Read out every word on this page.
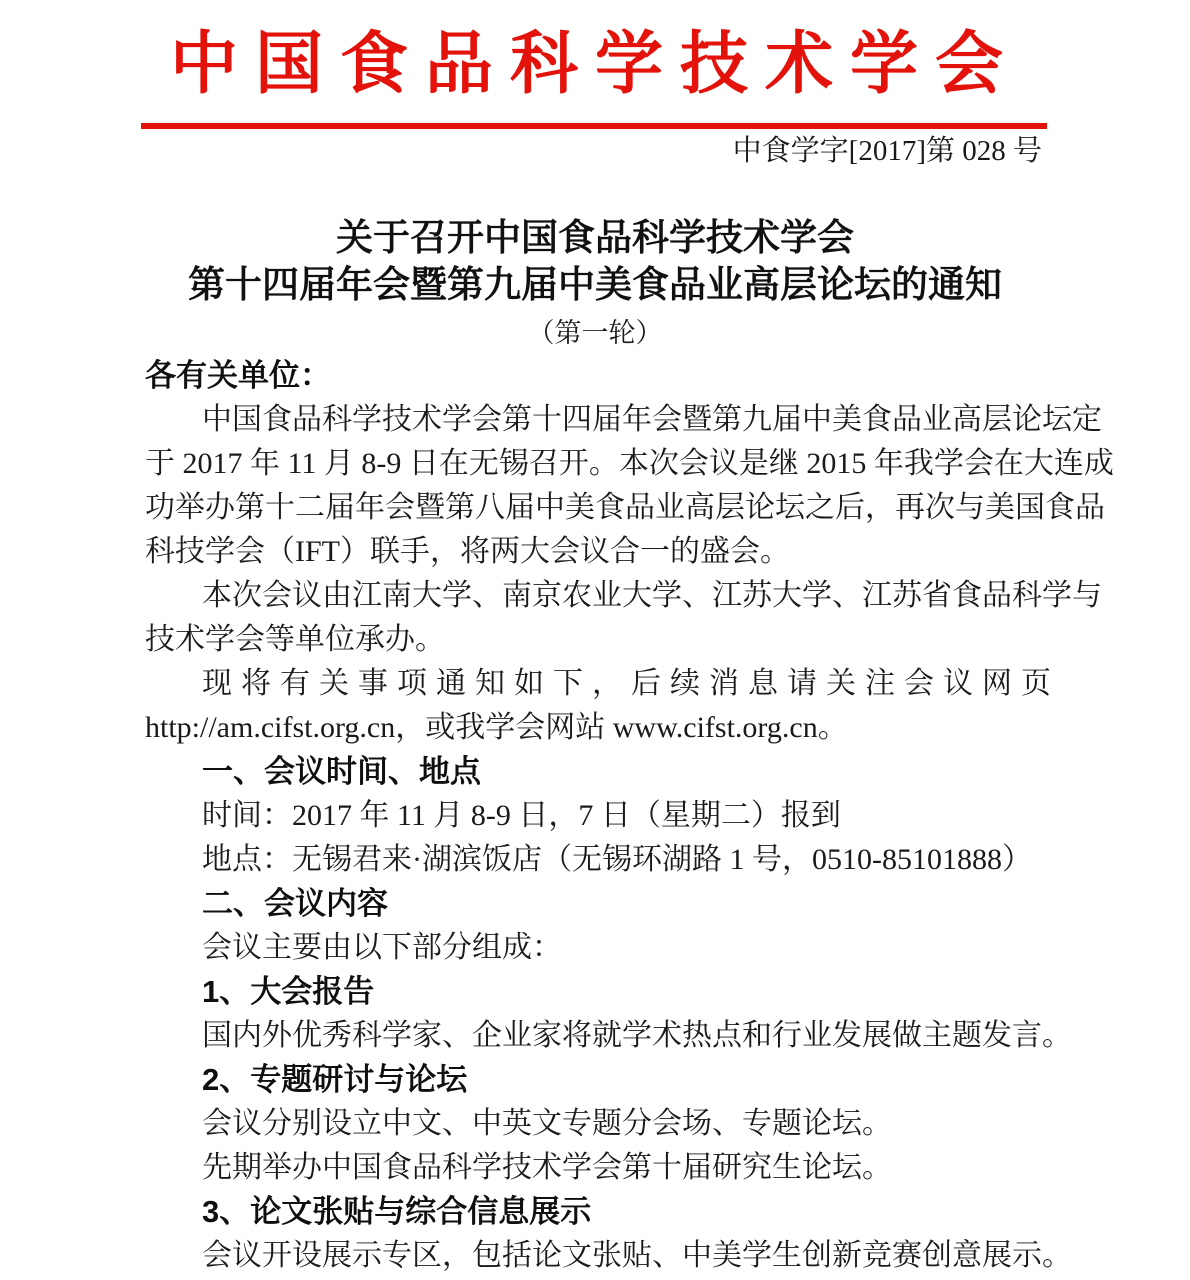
中国食品科学技术学会
中食学字[2017]第 028 号
关于召开中国食品科学技术学会
第十四届年会暨第九届中美食品业高层论坛的通知
（第一轮）
各有关单位：
中国食品科学技术学会第十四届年会暨第九届中美食品业高层论坛定
于 2017 年 11 月 8-9 日在无锡召开。本次会议是继 2015 年我学会在大连成
功举办第十二届年会暨第八届中美食品业高层论坛之后，再次与美国食品
科技学会（IFT）联手，将两大会议合一的盛会。
本次会议由江南大学、南京农业大学、江苏大学、江苏省食品科学与
技术学会等单位承办。
现将有关事项通知如下，后续消息请关注会议网页
http://am.cifst.org.cn，或我学会网站 www.cifst.org.cn。
一、会议时间、地点
时间：2017 年 11 月 8-9 日，7 日（星期二）报到
地点：无锡君来·湖滨饭店（无锡环湖路 1 号，0510-85101888）
二、会议内容
会议主要由以下部分组成：
1、大会报告
国内外优秀科学家、企业家将就学术热点和行业发展做主题发言。
2、专题研讨与论坛
会议分别设立中文、中英文专题分会场、专题论坛。
先期举办中国食品科学技术学会第十届研究生论坛。
3、论文张贴与综合信息展示
会议开设展示专区，包括论文张贴、中美学生创新竞赛创意展示。
